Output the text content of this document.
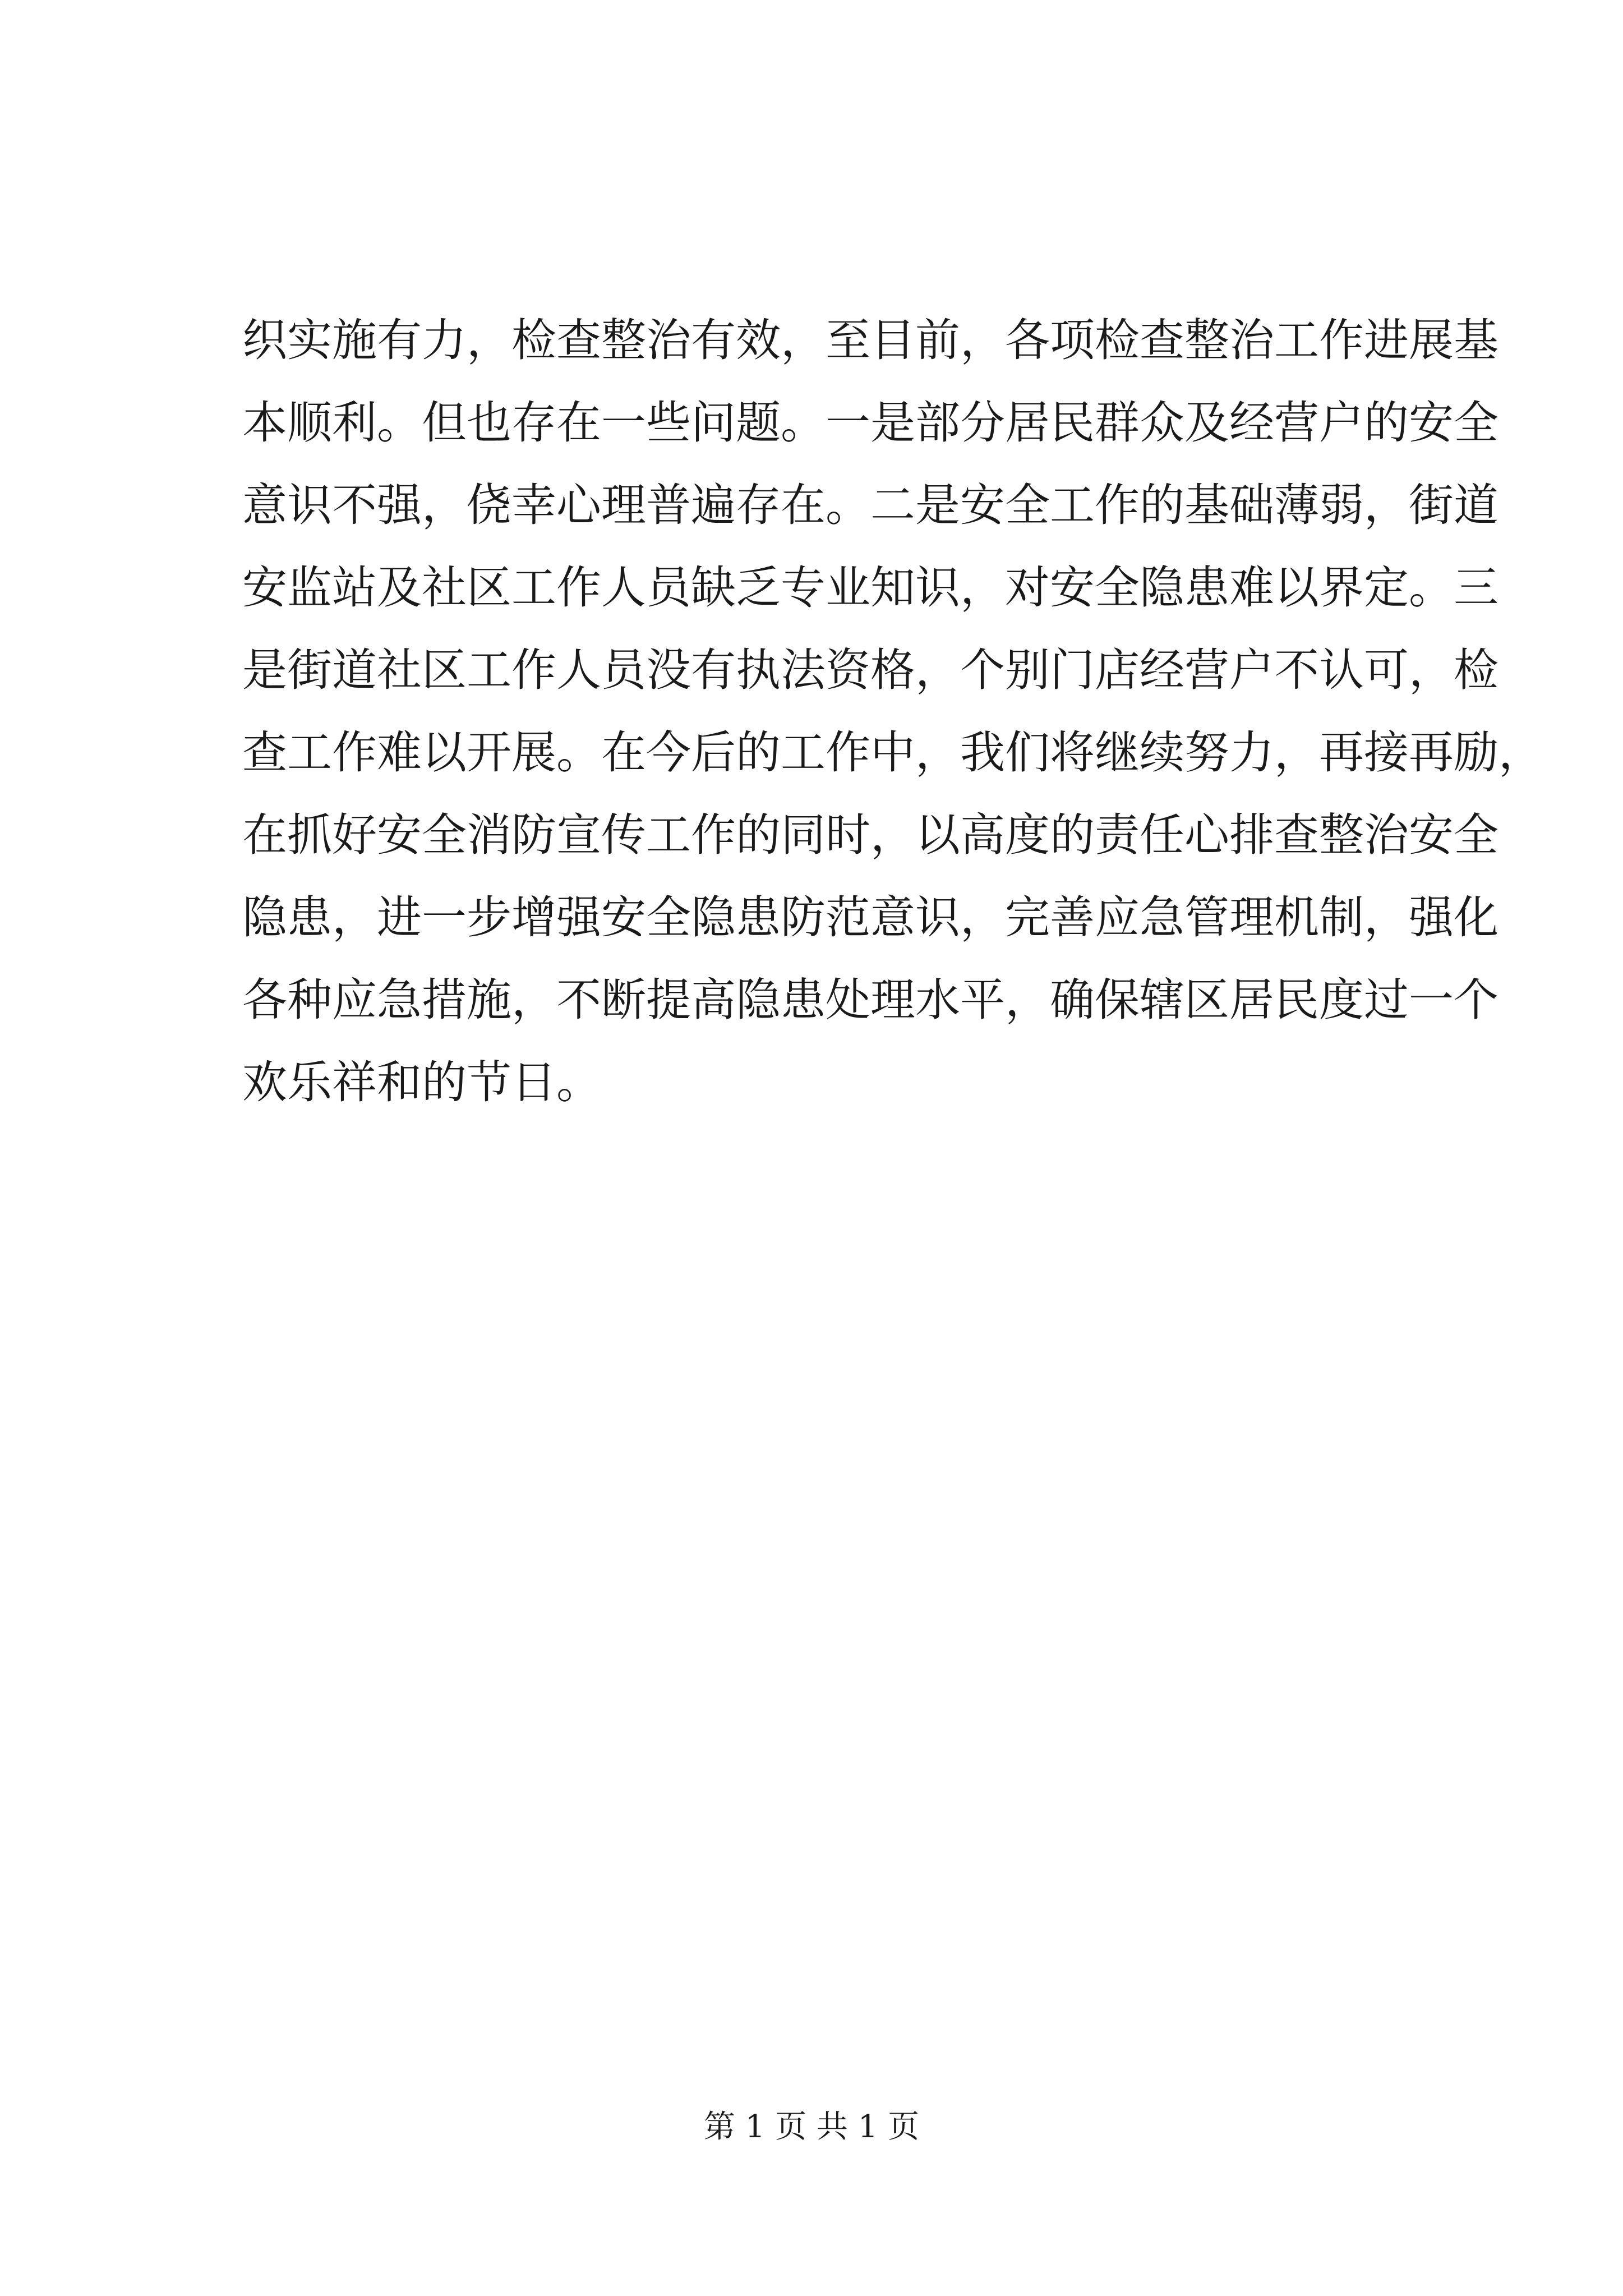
织实施有力，检查整治有效，至目前，各项检查整治工作进展基
本顺利。但也存在一些问题。一是部分居民群众及经营户的安全
意识不强，侥幸心理普遍存在。二是安全工作的基础薄弱，街道
安监站及社区工作人员缺乏专业知识，对安全隐患难以界定。三
是街道社区工作人员没有执法资格，个别门店经营户不认可，检
查工作难以开展。在今后的工作中，我们将继续努力，再接再励，
在抓好安全消防宣传工作的同时，以高度的责任心排查整治安全
隐患，进一步增强安全隐患防范意识，完善应急管理机制，强化
各种应急措施，不断提高隐患处理水平，确保辖区居民度过一个
欢乐祥和的节日。
第 1 页 共 1 页
